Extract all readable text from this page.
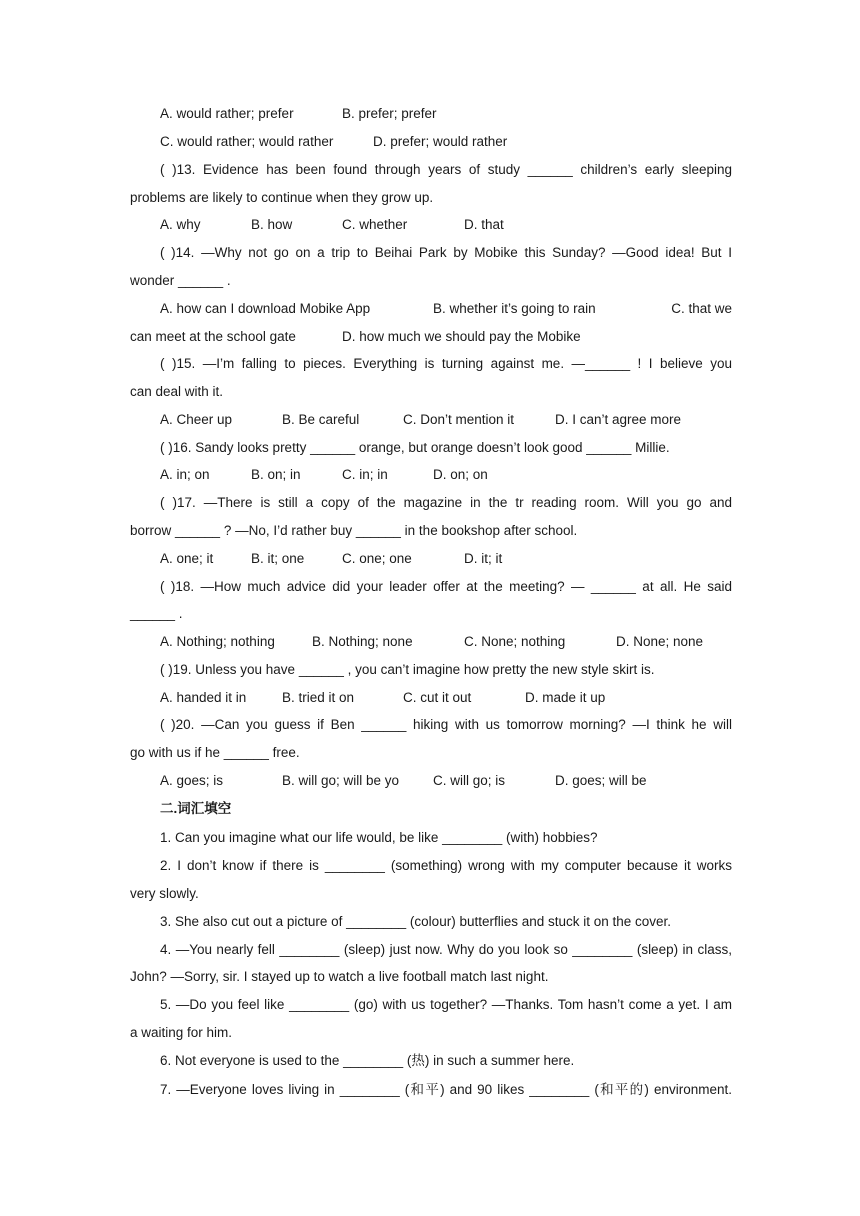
A. would rather; prefer	B. prefer; prefer
C. would rather; would rather	D. prefer; would rather
( )13. Evidence has been found through years of study ______ children’s early sleeping
problems are likely to continue when they grow up.
A. why	B. how	C. whether	D. that
( )14. —Why not go on a trip to Beihai Park by Mobike this Sunday? —Good idea! But I
wonder ______ .
A. how can I download Mobike App	B. whether it’s going to rain	C. that we
can meet at the school gate	D. how much we should pay the Mobike
( )15. —I’m falling to pieces. Everything is turning against me. —______ ! I believe you
can deal with it.
A. Cheer up	B. Be careful	C. Don’t mention it	D. I can’t agree more
( )16. Sandy looks pretty ______ orange, but orange doesn’t look good ______ Millie.
A. in; on	B. on; in	C. in; in	D. on; on
( )17. —There is still a copy of the magazine in the tr reading room. Will you go and
borrow ______ ? —No, I’d rather buy ______ in the bookshop after school.
A. one; it	B. it; one	C. one; one	D. it; it
( )18. —How much advice did your leader offer at the meeting? — ______ at all. He said
______ .
A. Nothing; nothing	B. Nothing; none	C. None; nothing	D. None; none
( )19. Unless you have ______ , you can’t imagine how pretty the new style skirt is.
A. handed it in	B. tried it on	C. cut it out	D. made it up
( )20. —Can you guess if Ben ______ hiking with us tomorrow morning? —I think he will
go with us if he ______ free.
A. goes; is	B. will go; will be yo	C. will go; is	D. goes; will be
二.词汇填空
1. Can you imagine what our life would, be like ________ (with) hobbies?
2. I don’t know if there is ________ (something) wrong with my computer because it works
very slowly.
3. She also cut out a picture of ________ (colour) butterflies and stuck it on the cover.
4. —You nearly fell ________ (sleep) just now. Why do you look so ________ (sleep) in class,
John? —Sorry, sir. I stayed up to watch a live football match last night.
5. —Do you feel like ________ (go) with us together? —Thanks. Tom hasn’t come a yet. I am
a waiting for him.
6. Not everyone is used to the ________ (热) in such a summer here.
7. —Everyone loves living in ________ (和平) and 90 likes ________ (和平的) environment.
